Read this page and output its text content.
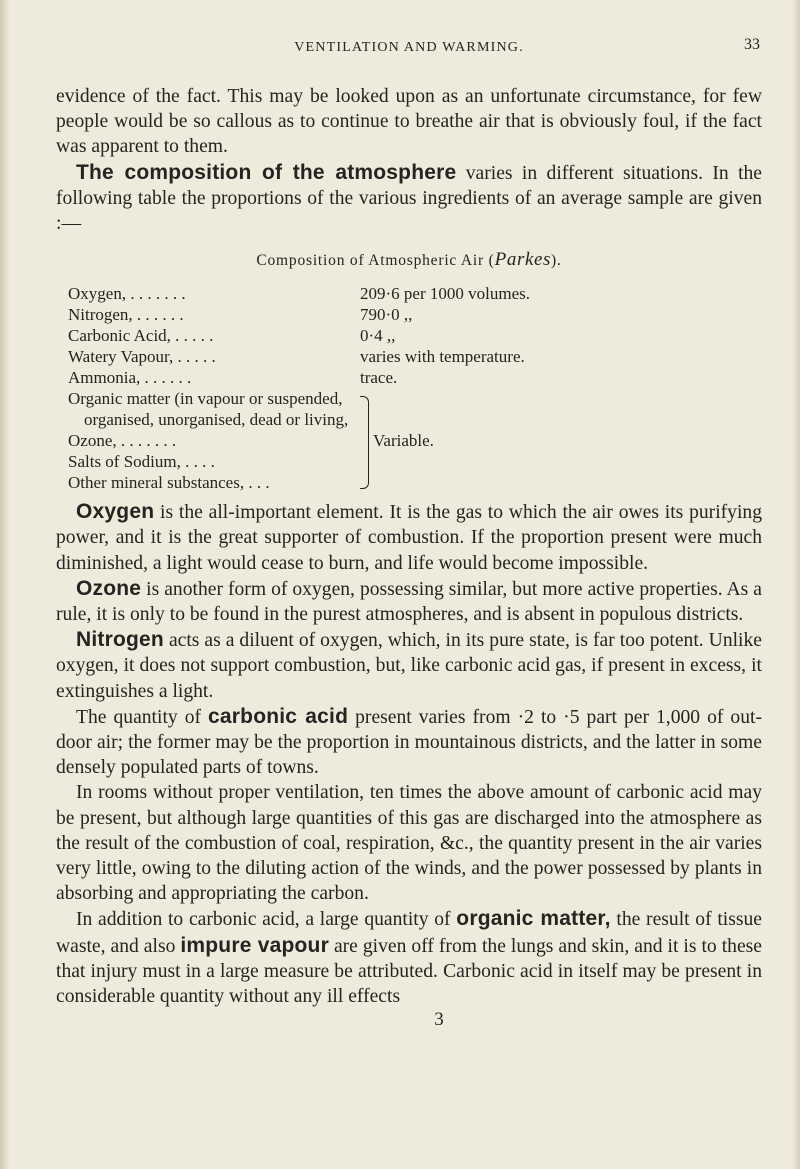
VENTILATION AND WARMING.	33

evidence of the fact. This may be looked upon as an unfortunate circumstance, for few people would be so callous as to continue to breathe air that is obviously foul, if the fact was apparent to them.

The composition of the atmosphere varies in different situations. In the following table the proportions of the various ingredients of an average sample are given :—

Composition of Atmospheric Air (Parkes).
Oxygen, . . . . . . .	209·6 per 1000 volumes.
Nitrogen, . . . . . .	790·0 ,,
Carbonic Acid, . . . . .	0·4 ,,
Watery Vapour, . . . . .	varies with temperature.
Ammonia, . . . . . .	trace.
Organic matter (in vapour or suspended,
organised, unorganised, dead or living,
Ozone, . . . . . . .
Salts of Sodium, . . . .
Other mineral substances, . . .
Variable.

Oxygen is the all-important element. It is the gas to which the air owes its purifying power, and it is the great supporter of combustion. If the proportion present were much diminished, a light would cease to burn, and life would become impossible.

Ozone is another form of oxygen, possessing similar, but more active properties. As a rule, it is only to be found in the purest atmospheres, and is absent in populous districts.

Nitrogen acts as a diluent of oxygen, which, in its pure state, is far too potent. Unlike oxygen, it does not support combustion, but, like carbonic acid gas, if present in excess, it extinguishes a light.

The quantity of carbonic acid present varies from ·2 to ·5 part per 1,000 of out-door air; the former may be the proportion in mountainous districts, and the latter in some densely populated parts of towns.

In rooms without proper ventilation, ten times the above amount of carbonic acid may be present, but although large quantities of this gas are discharged into the atmosphere as the result of the combustion of coal, respiration, &c., the quantity present in the air varies very little, owing to the diluting action of the winds, and the power possessed by plants in absorbing and appropriating the carbon.

In addition to carbonic acid, a large quantity of organic matter, the result of tissue waste, and also impure vapour are given off from the lungs and skin, and it is to these that injury must in a large measure be attributed. Carbonic acid in itself may be present in considerable quantity without any ill effects

3
